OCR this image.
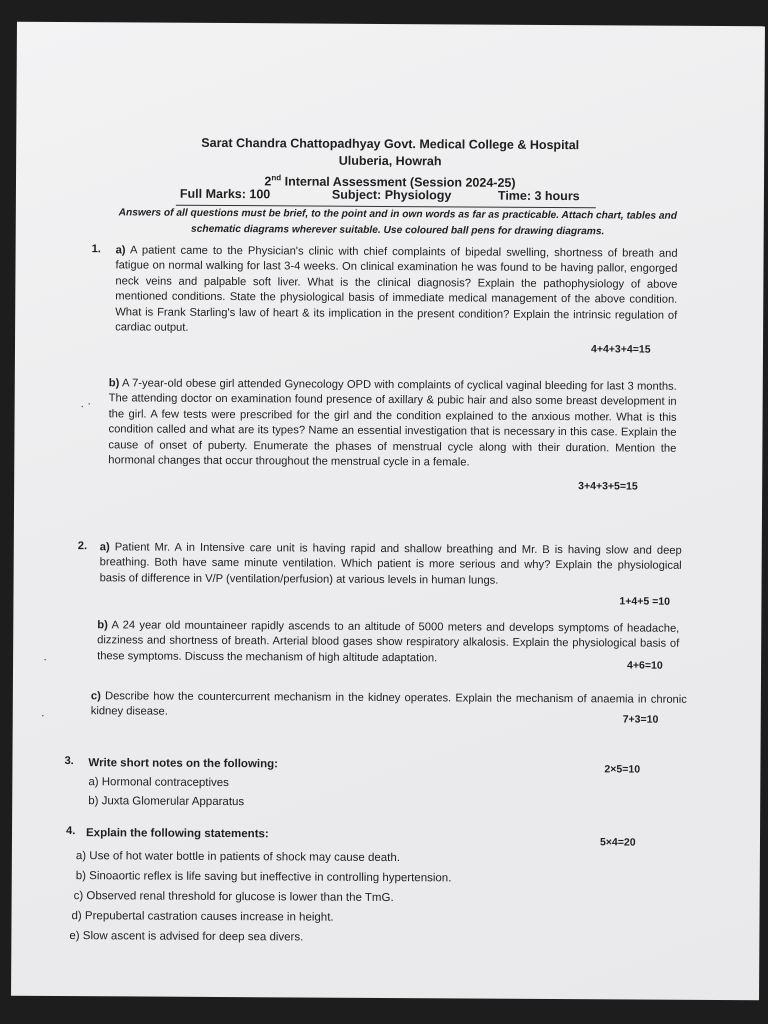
Sarat Chandra Chattopadhyay Govt. Medical College & Hospital
Uluberia, Howrah
2nd Internal Assessment (Session 2024-25)
Full Marks: 100	Subject: Physiology	Time: 3 hours
Answers of all questions must be brief, to the point and in own words as far as practicable. Attach chart, tables and schematic diagrams wherever suitable. Use coloured ball pens for drawing diagrams.
1. a) A patient came to the Physician's clinic with chief complaints of bipedal swelling, shortness of breath and fatigue on normal walking for last 3-4 weeks. On clinical examination he was found to be having pallor, engorged neck veins and palpable soft liver. What is the clinical diagnosis? Explain the pathophysiology of above mentioned conditions. State the physiological basis of immediate medical management of the above condition. What is Frank Starling's law of heart & its implication in the present condition? Explain the intrinsic regulation of cardiac output.
4+4+3+4=15
. ·
b) A 7-year-old obese girl attended Gynecology OPD with complaints of cyclical vaginal bleeding for last 3 months. The attending doctor on examination found presence of axillary & pubic hair and also some breast development in the girl. A few tests were prescribed for the girl and the condition explained to the anxious mother. What is this condition called and what are its types? Name an essential investigation that is necessary in this case. Explain the cause of onset of puberty. Enumerate the phases of menstrual cycle along with their duration. Mention the hormonal changes that occur throughout the menstrual cycle in a female.
3+4+3+5=15
2. a) Patient Mr. A in Intensive care unit is having rapid and shallow breathing and Mr. B is having slow and deep breathing. Both have same minute ventilation. Which patient is more serious and why? Explain the physiological basis of difference in V/P (ventilation/perfusion) at various levels in human lungs.
1+4+5 =10
b) A 24 year old mountaineer rapidly ascends to an altitude of 5000 meters and develops symptoms of headache, dizziness and shortness of breath. Arterial blood gases show respiratory alkalosis. Explain the physiological basis of these symptoms. Discuss the mechanism of high altitude adaptation.
4+6=10
·
c) Describe how the countercurrent mechanism in the kidney operates. Explain the mechanism of anaemia in chronic kidney disease.
7+3=10
·
3. Write short notes on the following:	2×5=10
a) Hormonal contraceptives
b) Juxta Glomerular Apparatus
4. Explain the following statements:
5×4=20
a) Use of hot water bottle in patients of shock may cause death.
b) Sinoaortic reflex is life saving but ineffective in controlling hypertension.
c) Observed renal threshold for glucose is lower than the TmG.
d) Prepubertal castration causes increase in height.
e) Slow ascent is advised for deep sea divers.
